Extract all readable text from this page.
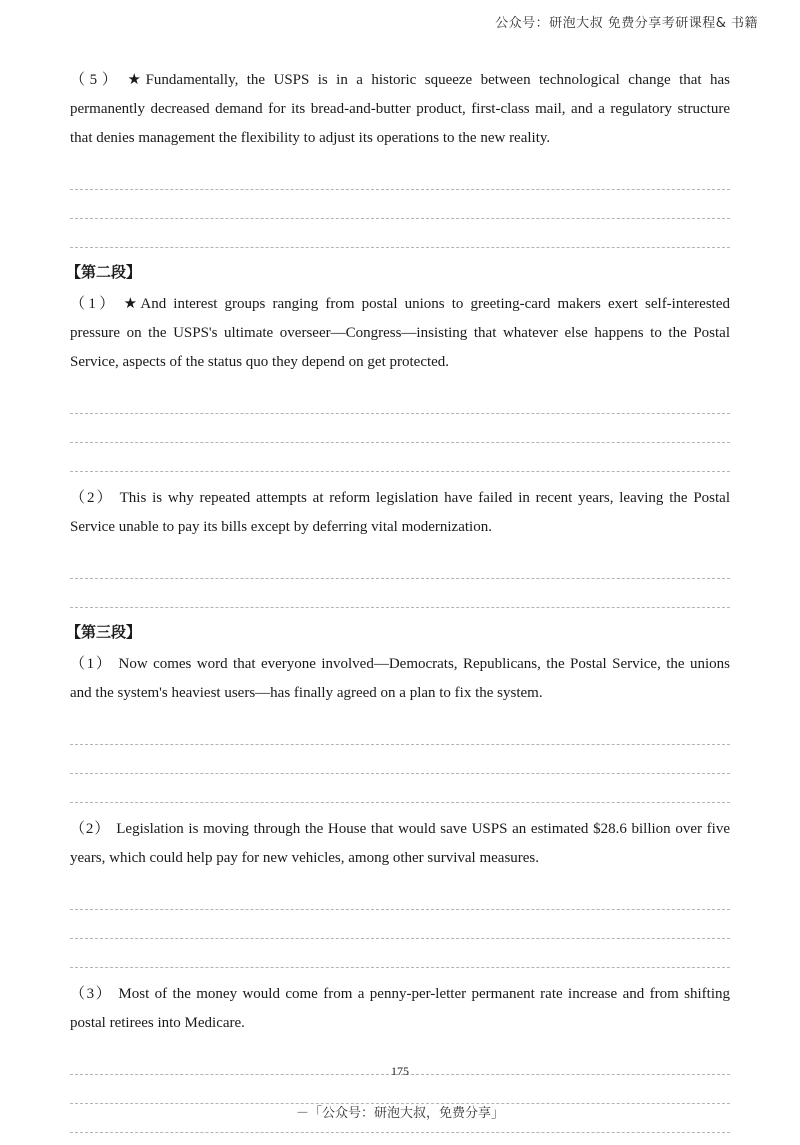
公众号：研泡大叔 免费分享考研课程& 书籍

（5） ★Fundamentally, the USPS is in a historic squeeze between technological change that has permanently decreased demand for its bread-and-butter product, first-class mail, and a regulatory structure that denies management the flexibility to adjust its operations to the new reality.

【第二段】

（1） ★And interest groups ranging from postal unions to greeting-card makers exert self-interested pressure on the USPS's ultimate overseer—Congress—insisting that whatever else happens to the Postal Service, aspects of the status quo they depend on get protected.

（2） This is why repeated attempts at reform legislation have failed in recent years, leaving the Postal Service unable to pay its bills except by deferring vital modernization.

【第三段】

（1） Now comes word that everyone involved—Democrats, Republicans, the Postal Service, the unions and the system's heaviest users—has finally agreed on a plan to fix the system.

（2） Legislation is moving through the House that would save USPS an estimated $28.6 billion over five years, which could help pay for new vehicles, among other survival measures.

（3） Most of the money would come from a penny-per-letter permanent rate increase and from shifting postal retirees into Medicare.

175
－「公众号：研泡大叔，免费分享」
